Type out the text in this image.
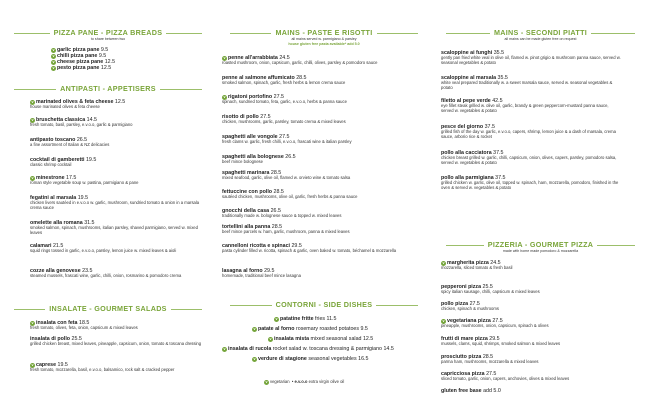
PIZZA PANE - PIZZA BREADS
to share between two
v garlic pizza pane 9.5
v chilli pizza pane 9.5
v cheese pizza pane 12.5
v pesto pizza pane 12.5
ANTIPASTI - APPETISERS
v marinated olives & feta cheese 12.5
house marinated olives & feta cheese
v bruschetta classica 14.5
fresh tomato, basil, parsley, e.v.o.o, garlic & parmigiano
antipasto toscano 26.5
a fine assortment of Italian & NZ delicacies
cocktail di gamberetti 19.5
classic shrimp cocktail
v minestrone 17.5
roman style vegetable soup w. pastina, parmigiano & pane
fegatini al marsala 19.5
chicken livers sautéed in e.v.o.o w. garlic, mushroom, sundried tomato & onion in a marsala crema sauce
omelette alla romana 31.5
smoked salmon, spinach, mushrooms, italian parsley, shaved parmigiano, served w. mixed leaves
calamari 21.5
squid rings tossed in garlic, e.v.o.o, parsley, lemon juice w. mixed leaves & aioli
cozze alla genovese 23.5
steamed mussels, frascati wine, garlic, chilli, onion, rosmarino & pomodoro crema
INSALATE - GOURMET SALADS
v insalata con feta 18.5
fresh tomato, olives, feta, onion, capsicum & mixed leaves
insalata di pollo 25.5
grilled chicken breast, mixed leaves, pineapple, capsicum, onion, tomato & toscana dressing
v caprese 19.5
fresh tomato, mozzarella, basil, e.v.o.o, balsamico, rock salt & cracked pepper
MAINS - PASTE E RISOTTI
all mains served w. parmigiano & parsley
house gluten free pasta available* add 5.0
v penne all'arrabbiata 24.5
roasted mushroom, onion, capsicum, garlic, chilli, olives, parsley & pomodoro sauce
penne al salmone affumicato 28.5
smoked salmon, spinach, garlic, fresh herbs & lemon crema sauce
v rigatoni portofino 27.5
spinach, sundried tomato, feta, garlic, e.v.o.o, herbs & panna sauce
risotto di pollo 27.5
chicken, mushrooms, garlic, parsley, tomato crema & mixed leaves
spaghetti alle vongole 27.5
fresh clams w. garlic, fresh chilli, e.v.o.o, frascati wine & italian parsley
spaghetti alla bolognese 26.5
beef mince bolognese
spaghetti marinara 28.5
mixed seafood, garlic, olive oil, flamed w. orvieto wine & tomato salsa
fettuccine con pollo 28.5
sautéed chicken, mushrooms, olive oil, garlic, fresh herbs & panna sauce
gnocchi della casa 26.5
traditionally made w. bolognese sauce & topped w. mixed leaves
tortellini alla panna 28.5
beef mince parcels w. ham, garlic, mushroom, panna & mixed leaves
cannelloni ricotta e spinaci 29.5
pasta cylinder filled w. ricotta, spinach & garlic, oven baked w. tomato, béchamel & mozzarella
lasagna al forno 29.5
homemade, traditional beef mince lasagna
CONTORNI - SIDE DISHES
v patatine fritte fries 11.5
v patate al forno rosemary roasted potatoes 9.5
v insalata mista mixed seasonal salad 12.5
v insalata di rucola rocket salad w. toscana dressing & parmigiano 14.5
v verdure di stagione seasonal vegetables 16.5
v vegetarian  • e.v.o.o extra virgin olive oil
MAINS - SECONDI PIATTI
all mains can be made gluten free on request
scaloppine ai funghi 35.5
gently pan fried white veal in olive oil, flamed w. pinot grigio & mushroom panna sauce, served w. seasonal vegetables & potato
scaloppine al marsala 35.5
white veal prepared traditionally w. a sweet marsala sauce, served w. seasonal vegetables & potato
filetto al pepe verde 42.5
eye fillet steak grilled w. olive oil, garlic, brandy & green peppercorn-mustard panna sauce, served w. vegetables & potato
pesce del giorno 37.5
grilled fish of the day w. garlic, e.v.o.o, capers, shrimp, lemon juice & a dash of marsala, crema sauce, arborio rice & rocket
pollo alla cacciatora 37.5
chicken breast grilled w. garlic, chilli, capsicum, onion, olives, capers, parsley, pomodoro salsa, served w. vegetables & potato
pollo alla parmigiana 37.5
grilled chicken w. garlic, olive oil, topped w. spinach, ham, mozzarella, pomodoro, finished in the oven & served w. vegetables & potato
PIZZERIA - GOURMET PIZZA
made with home made pomodoro & mozzarella
v margherita pizza 24.5
mozzarella, sliced tomato & fresh basil
pepperoni pizza 25.5
spicy italian sausage, chilli, capsicum & mixed leaves
pollo pizza 27.5
chicken, spinach & mushrooms
v vegetariana pizza 27.5
pineapple, mushrooms, onion, capsicum, spinach & olives
frutti di mare pizza 29.5
mussels, clams, squid, shrimps, smoked salmon & mixed leaves
prosciutto pizza 28.5
parma ham, mushrooms, mozzarella & mixed leaves
capricciosa pizza 27.5
sliced tomato, garlic, onion, capers, anchovies, olives & mixed leaves
gluten free base add 5.0
